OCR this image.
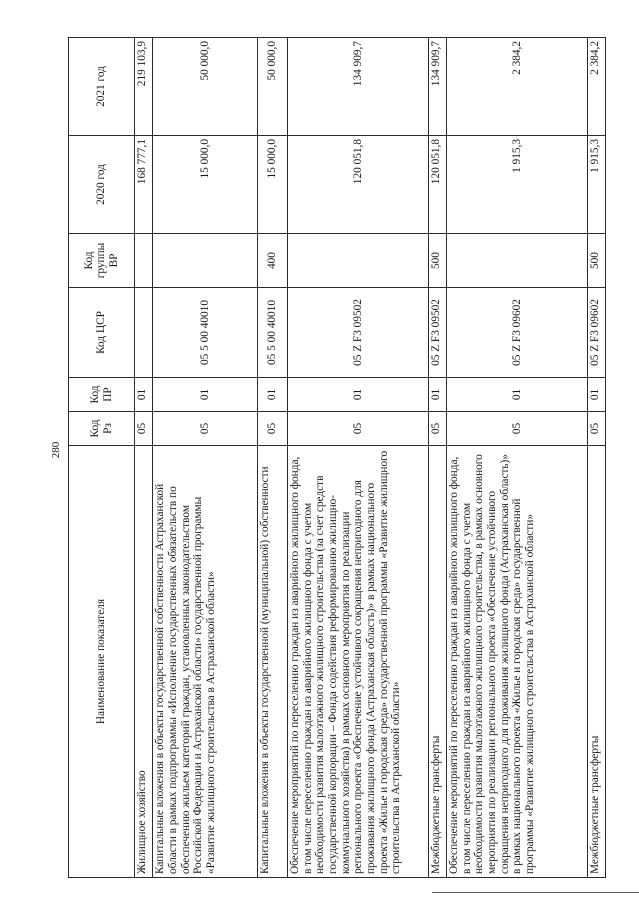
280
Наименование показателя	Код Рз	Код ПР	Код ЦСР	Код группы ВР	2020 год	2021 год
Жилищное хозяйство	05	01			168 777,1	219 103,9
Капитальные вложения в объекты государственной собственности Астраханской области в рамках подпрограммы «Исполнение государственных обязательств по обеспечению жильем категорий граждан, установленных законодательством Российской Федерации и Астраханской области» государственной программы «Развитие жилищного строительства в Астраханской области»	05	01	05 5 00 40010		15 000,0	50 000,0
Капитальные вложения в объекты государственной (муниципальной) собственности	05	01	05 5 00 40010	400	15 000,0	50 000,0
Обеспечение мероприятий по переселению граждан из аварийного жилищного фонда, в том числе переселению граждан из аварийного жилищного фонда с учетом необходимости развития малоэтажного жилищного строительства (за счет средств государственной корпорации – Фонда содействия реформированию жилищно-коммунального хозяйства) в рамках основного мероприятия по реализации регионального проекта «Обеспечение устойчивого сокращения непригодного для проживания жилищного фонда (Астраханская область)» в рамках национального проекта «Жилье и городская среда» государственной программы «Развитие жилищного строительства в Астраханской области»	05	01	05 Z F3 09502		120 051,8	134 909,7
Межбюджетные трансферты	05	01	05 Z F3 09502	500	120 051,8	134 909,7
Обеспечение мероприятий по переселению граждан из аварийного жилищного фонда, в том числе переселению граждан из аварийного жилищного фонда с учетом необходимости развития малоэтажного жилищного строительства, в рамках основного мероприятия по реализации регионального проекта «Обеспечение устойчивого сокращения непригодного для проживания жилищного фонда (Астраханская область)» в рамках национального проекта «Жилье и городская среда» государственной программы «Развитие жилищного строительства в Астраханской области»	05	01	05 Z F3 09602		1 915,3	2 384,2
Межбюджетные трансферты	05	01	05 Z F3 09602	500	1 915,3	2 384,2
